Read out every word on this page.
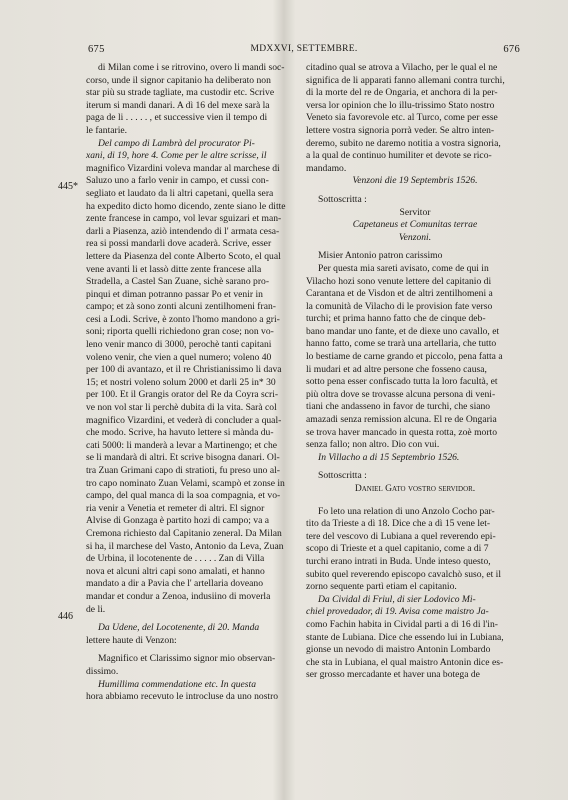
675	MDXXVI, SETTEMBRE.	676
445*
446
di Milan come i se ritrovino, overo li mandi soc-
corso, unde il signor capitanio ha deliberato non
star più su strade tagliate, ma custodir etc. Scrive
iterum si mandi danari. A dì 16 del mexe sarà la
paga de li . . . . . , et successive vien il tempo di
le fantarie.
Del campo di Lambrà del procurator Pi-
xani, di 19, hore 4. Come per le altre scrisse, il
magnifico Vizardini voleva mandar al marchese di
Saluzo uno a farlo venir in campo, et cussi con-
segliato et laudato da li altri capetani, quella sera
ha expedito dicto homo dicendo, zente siano le ditte
zente francese in campo, vol levar sguizari et man-
darli a Piasenza, aziò intendendo di l' armata cesa-
rea si possi mandarli dove acaderà. Scrive, esser
lettere da Piasenza del conte Alberto Scoto, el qual
vene avanti li et lassò ditte zente francese alla
Stradella, a Castel San Zuane, sichè sarano pro-
pinqui et diman potranno passar Po et venir in
campo; et zà sono zonti alcuni zentilhomeni fran-
cesi a Lodi. Scrive, è zonto l'homo mandono a gri-
soni; riporta quelli richiedono gran cose; non vo-
leno venir manco di 3000, perochè tanti capitani
voleno venir, che vien a quel numero; voleno 40
per 100 di avantazo, et il re Christianissimo li dava
15; et nostri voleno solum 2000 et darli 25 in* 30
per 100. Et il Grangis orator del Re da Coyra scri-
ve non vol star li perchè dubita di la vita. Sarà col
magnifico Vizardini, et vederà di concluder a qual-
che modo. Scrive, ha havuto lettere si mànda du-
cati 5000: li manderà a levar a Martinengo; et che
se li mandarà di altri. Et scrive bisogna danari. Ol-
tra Zuan Grimani capo di stratioti, fu preso uno al-
tro capo nominato Zuan Velami, scampò et zonse in
campo, del qual manca di la soa compagnia, et vo-
ria venir a Venetia et remeter di altri. El signor
Alvise di Gonzaga è partito hozi di campo; va a
Cremona richiesto dal Capitanio zeneral. Da Milan
si ha, il marchese del Vasto, Antonio da Leva, Zuan
de Urbina, il locotenente de . . . . . Zan di Villa
nova et alcuni altri capi sono amalati, et hanno
mandato a dir a Pavia che l' artellaria doveano
mandar et condur a Zenoa, indusiino di moverla
de li.
Da Udene, del Locotenente, di 20. Manda
lettere haute di Venzon:
Magnifico et Clarissimo signor mio observan-
dissimo.
Humillima commendatione etc. In questa
hora abbiamo recevuto le introcluse da uno nostro
citadino qual se atrova a Vilacho, per le qual el ne
significa de li apparati fanno allemani contra turchi,
di la morte del re de Ongaria, et anchora di la per-
versa lor opinion che lo illu-trissimo Stato nostro
Veneto sia favorevole etc. al Turco, come per esse
lettere vostra signoria porrà veder. Se altro inten-
deremo, subito ne daremo notitia a vostra signoria,
a la qual de continuo humiliter et devote se rico-
mandamo.
Venzoni die 19 Septembris 1526.
Sottoscritta :
Servitor
Capetaneus et Comunitas terrae
Venzoni.
Misier Antonio patron carissimo
Per questa mia sareti avisato, come de qui in
Vilacho hozi sono venute lettere del capitanio di
Carantana et de Visdon et de altri zentilhomeni a
la comunità de Vilacho di le provision fate verso
turchi; et prima hanno fatto che de cinque deb-
bano mandar uno fante, et de diexe uno cavallo, et
hanno fatto, come se trarà una artellaria, che tutto
lo bestiame de carne grando et piccolo, pena fatta a
li mudari et ad altre persone che fosseno causa,
sotto pena esser confiscado tutta la loro facultà, et
più oltra dove se trovasse alcuna persona di veni-
tiani che andasseno in favor de turchi, che siano
amazadi senza remission alcuna. El re de Ongaria
se trova haver mancado in questa rotta, zoè morto
senza fallo; non altro. Dio con vui.
In Villacho a di 15 Septembrio 1526.
Sottoscritta :
Daniel Gato vostro servidor.
Fo leto una relation di uno Anzolo Cocho par-
tito da Trieste a dì 18. Dice che a dì 15 vene let-
tere del vescovo di Lubiana a quel reverendo epi-
scopo di Trieste et a quel capitanio, come a di 7
turchi erano intrati in Buda. Unde inteso questo,
subito quel reverendo episcopo cavalchò suso, et il
zorno sequente partì etiam el capitanio.
Da Cividal di Friul, di sier Lodovico Mi-
chiel provedador, di 19. Avisa come maistro Ja-
como Fachin habita in Cividal parti a di 16 di l'in-
stante de Lubiana. Dice che essendo lui in Lubiana,
gionse un nevodo di maistro Antonin Lombardo
che sta in Lubiana, el qual maistro Antonin dice es-
ser grosso mercadante et haver una botega de
